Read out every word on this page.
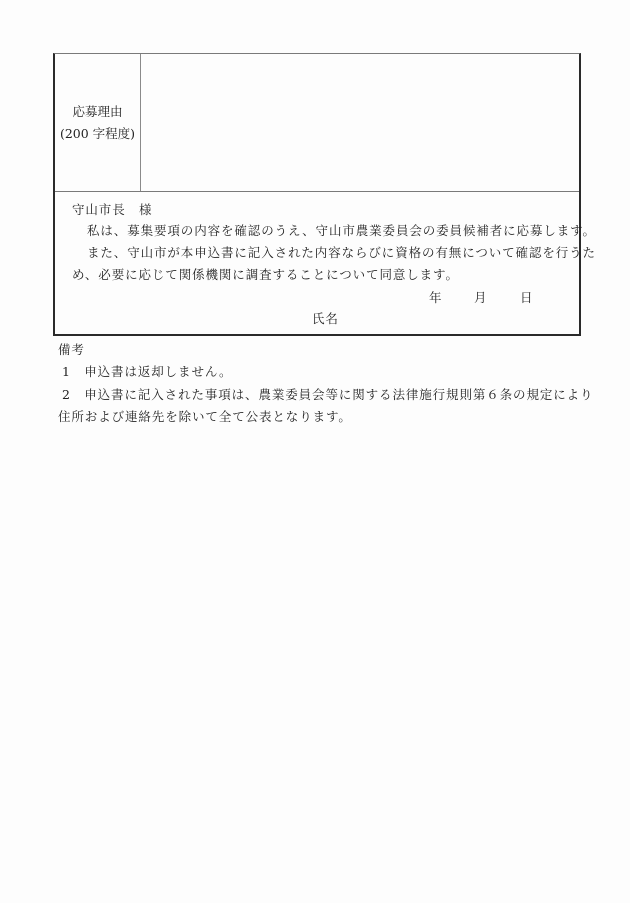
応募理由
(200 字程度)
守山市長　様
私は、募集要項の内容を確認のうえ、守山市農業委員会の委員候補者に応募します。
また、守山市が本申込書に記入された内容ならびに資格の有無について確認を行うた
め、必要に応じて関係機関に調査することについて同意します。
年	月	日
氏名
備考
1　申込書は返却しません。
2　申込書に記入された事項は、農業委員会等に関する法律施行規則第６条の規定により
住所および連絡先を除いて全て公表となります。
